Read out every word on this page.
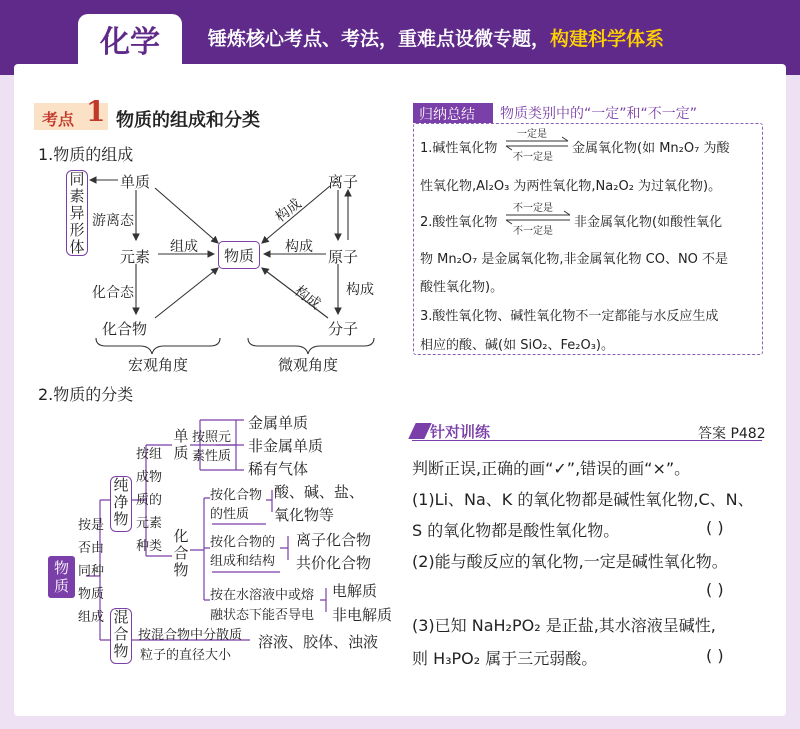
化学	锤炼核心考点、考法，重难点设微专题，构建科学体系
考点 1 物质的组成和分类
1.物质的组成
同素异形体
单质
元素
化合物
物质
离子
原子
分子
游离态
化合态
组成
构成
构成
构成 构成
宏观角度	微观角度
2.物质的分类
物质
按是否由同种物质组成
纯净物
混合物
按组成物质的元素种类
单质
化合物
按照元素性质
金属单质
非金属单质
稀有气体
按化合物的性质
酸、碱、盐、氧化物等
按化合物的组成和结构
离子化合物
共价化合物
按在水溶液中或熔
融状态下能否导电
电解质
非电解质
按混合物中分散质
粒子的直径大小
溶液、胶体、浊液
归纳总结	物质类别中的“一定”和“不一定”
1.碱性氧化物
一定是
不一定是
金属氧化物(如 Mn₂O₇ 为酸
性氧化物,Al₂O₃ 为两性氧化物,Na₂O₂ 为过氧化物)。
2.酸性氧化物
不一定是
不一定是
非金属氧化物(如酸性氧化
物 Mn₂O₇ 是金属氧化物,非金属氧化物 CO、NO 不是
酸性氧化物)。
3.酸性氧化物、碱性氧化物不一定都能与水反应生成
相应的酸、碱(如 SiO₂、Fe₂O₃)。
针对训练	答案 P482
判断正误,正确的画“✓”,错误的画“×”。
(1)Li、Na、K 的氧化物都是碱性氧化物,C、N、
S 的氧化物都是酸性氧化物。	( )
(2)能与酸反应的氧化物,一定是碱性氧化物。
( )
(3)已知 NaH₂PO₂ 是正盐,其水溶液呈碱性,
则 H₃PO₂ 属于三元弱酸。	( )
